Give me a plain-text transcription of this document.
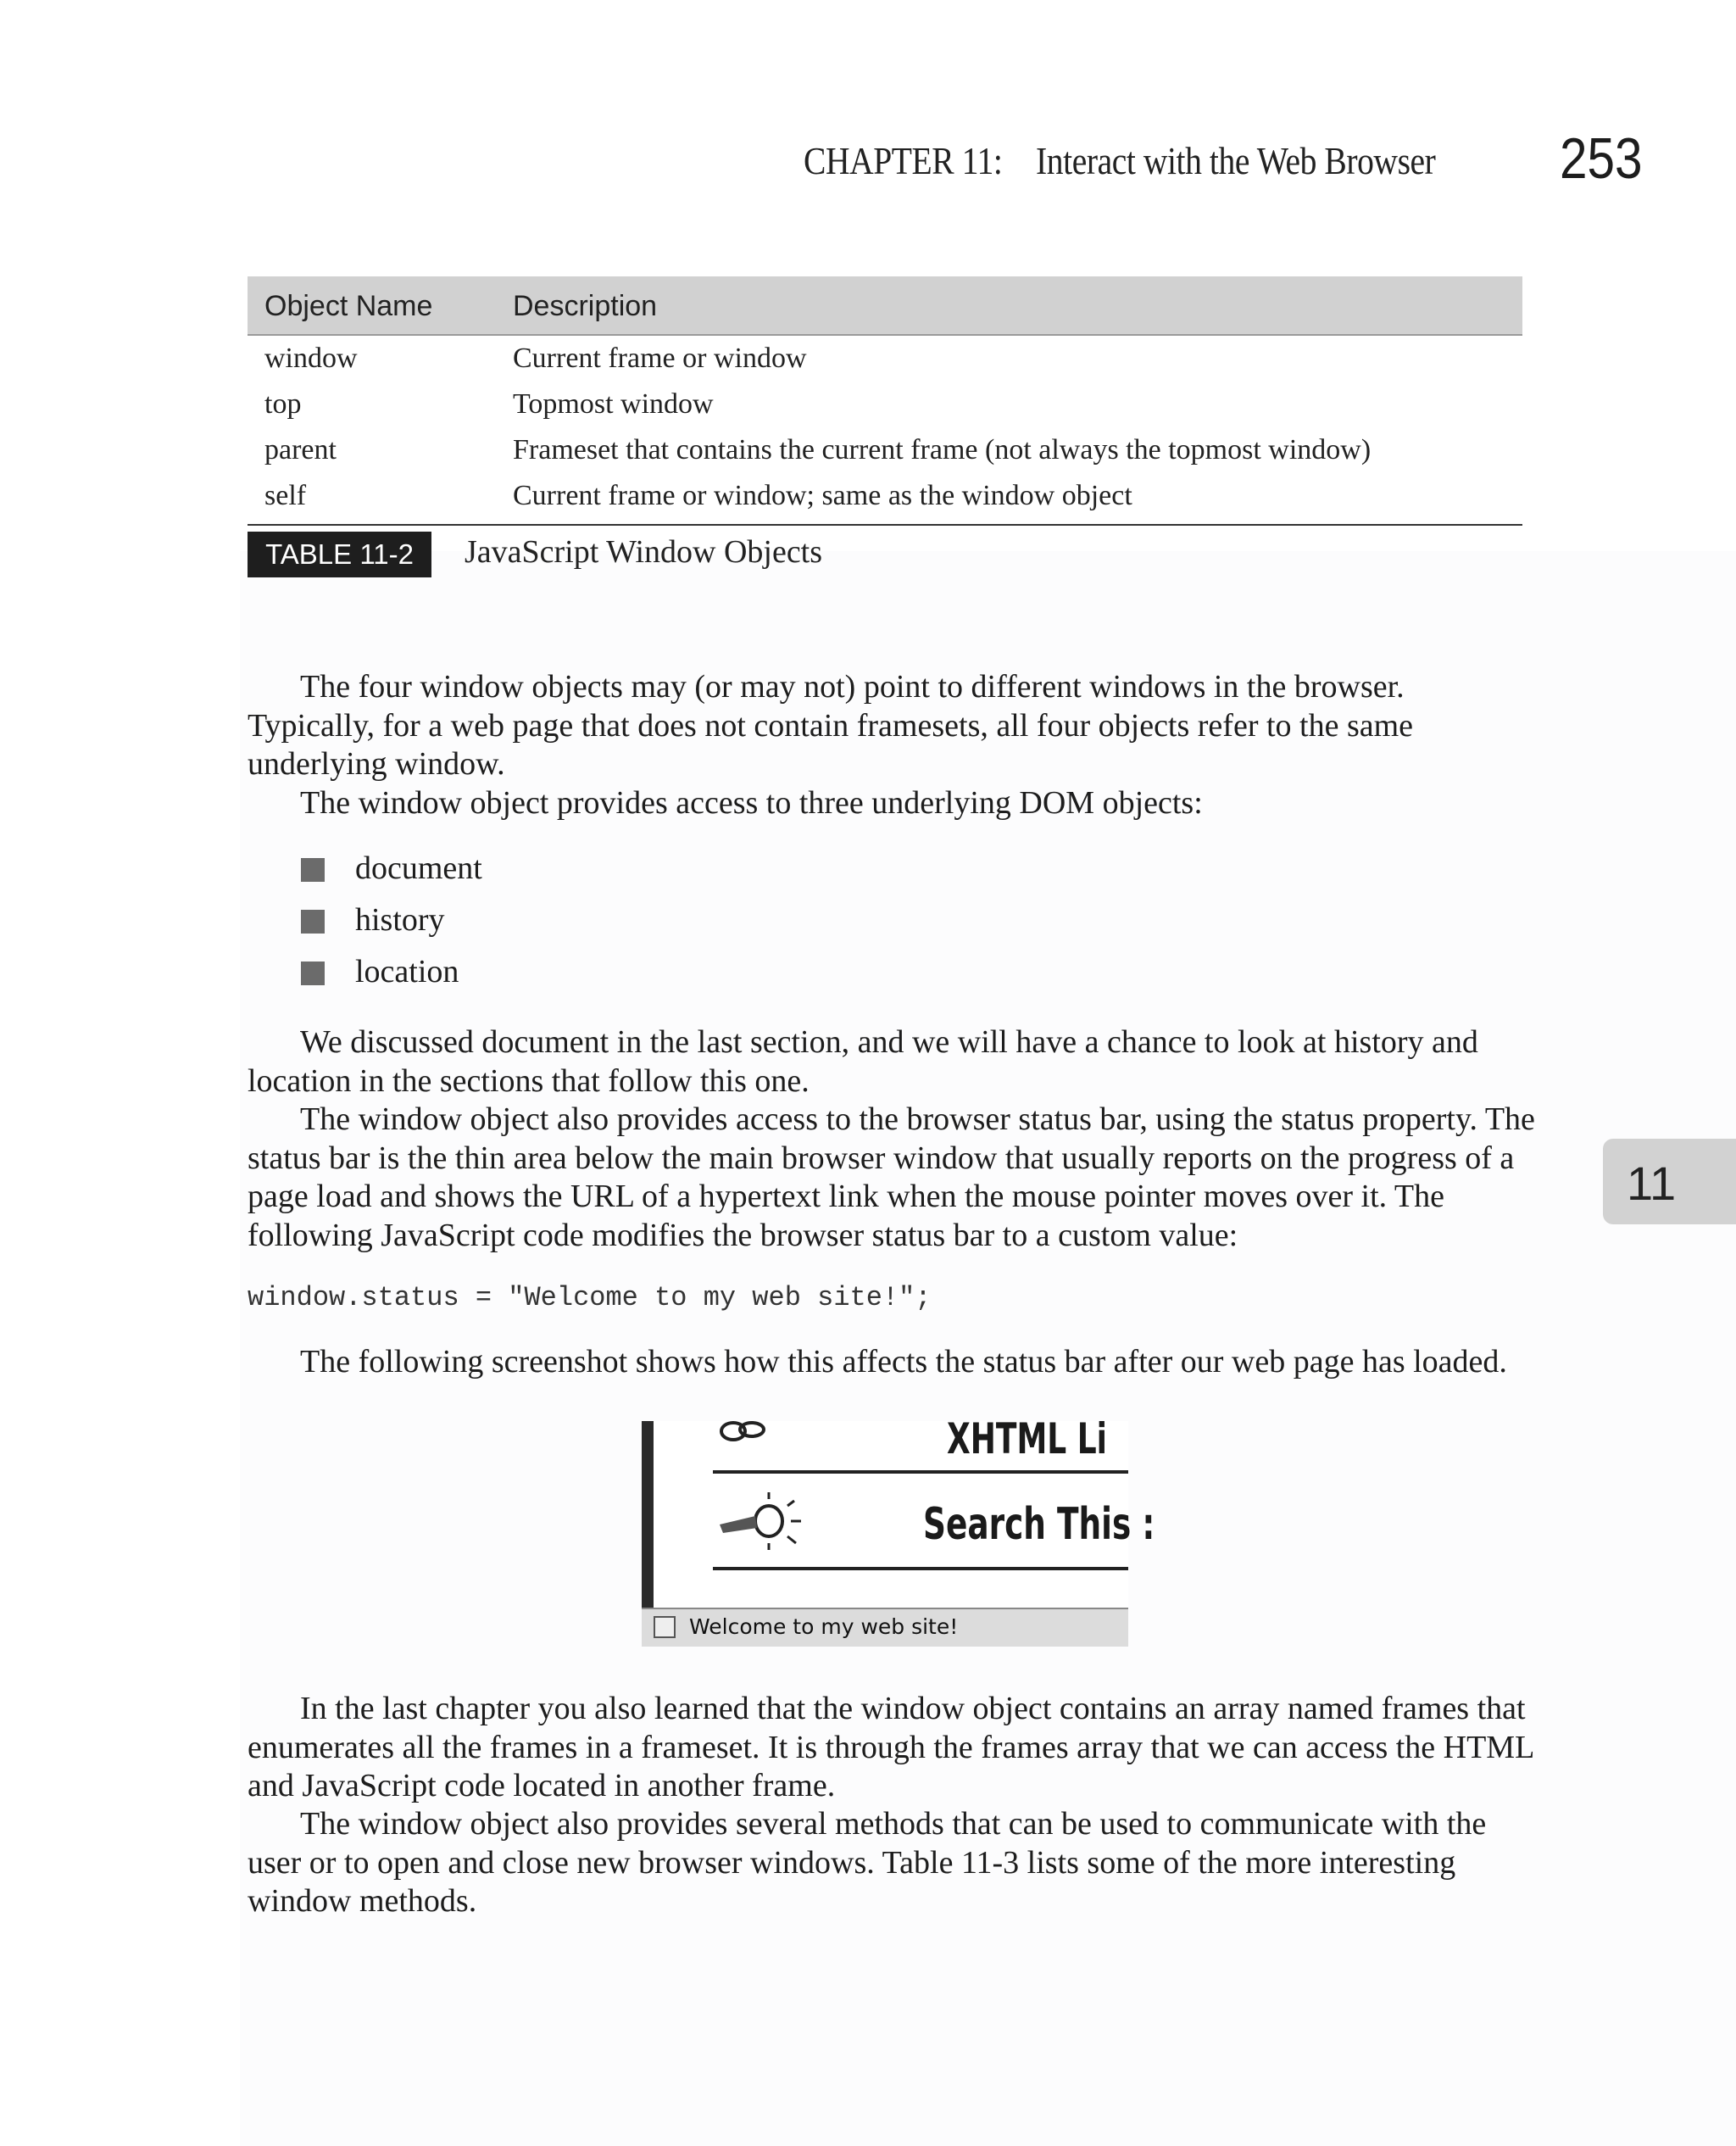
CHAPTER 11: Interact with the Web Browser 253
11
Object Name	Description
window	Current frame or window
top	Topmost window
parent	Frameset that contains the current frame (not always the topmost window)
self	Current frame or window; same as the window object
TABLE 11-2	JavaScript Window Objects

The four window objects may (or may not) point to different windows in the browser. Typically, for a web page that does not contain framesets, all four objects refer to the same underlying window.

The window object provides access to three underlying DOM objects:

document
history
location

We discussed document in the last section, and we will have a chance to look at history and location in the sections that follow this one.

The window object also provides access to the browser status bar, using the status property. The status bar is the thin area below the main browser window that usually reports on the progress of a page load and shows the URL of a hypertext link when the mouse pointer moves over it. The following JavaScript code modifies the browser status bar to a custom value:

window.status = "Welcome to my web site!";

The following screenshot shows how this affects the status bar after our web page has loaded.

XHTML Li
Search This :
Welcome to my web site!

In the last chapter you also learned that the window object contains an array named frames that enumerates all the frames in a frameset. It is through the frames array that we can access the HTML and JavaScript code located in another frame.

The window object also provides several methods that can be used to communicate with the user or to open and close new browser windows. Table 11-3 lists some of the more interesting window methods.
